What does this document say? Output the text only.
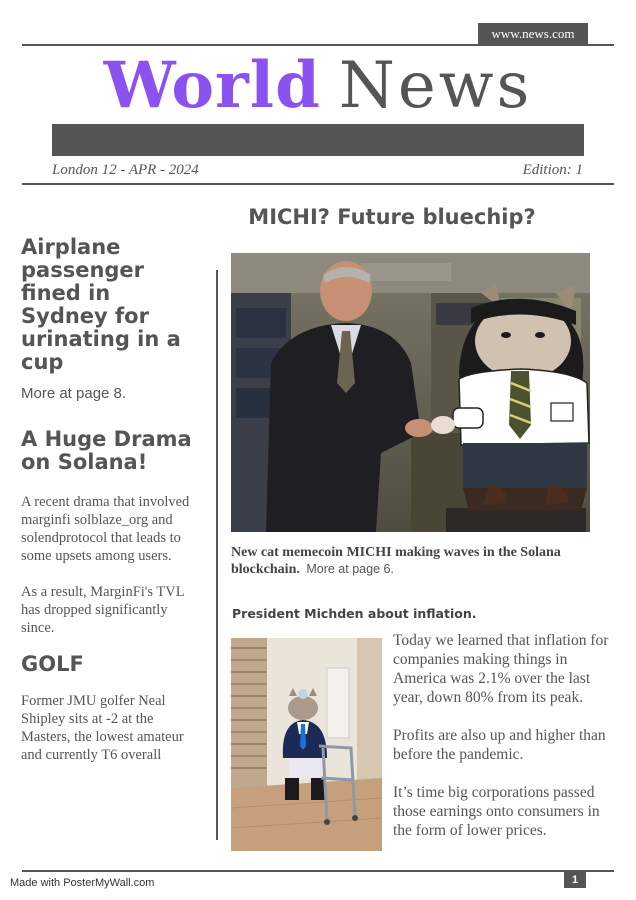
www.news.com
World News
London 12 - APR - 2024	Edition: 1
Airplane passenger fined in Sydney for urinating in a cup

More at page 8.

A Huge Drama on Solana!

A recent drama that involved marginfi solblaze_org and solendprotocol that leads to some upsets among users.

As a result, MarginFi's TVL has dropped significantly since.

GOLF

Former JMU golfer Neal Shipley sits at -2 at the Masters, the lowest amateur and currently T6 overall

MICHI? Future bluechip?

New cat memecoin MICHI making waves in the Solana blockchain. More at page 6.

President Michden about inflation.

Today we learned that inflation for companies making things in America was 2.1% over the last year, down 80% from its peak.

Profits are also up and higher than before the pandemic.

It’s time big corporations passed those earnings onto consumers in the form of lower prices.

Made with PosterMyWall.com	1
